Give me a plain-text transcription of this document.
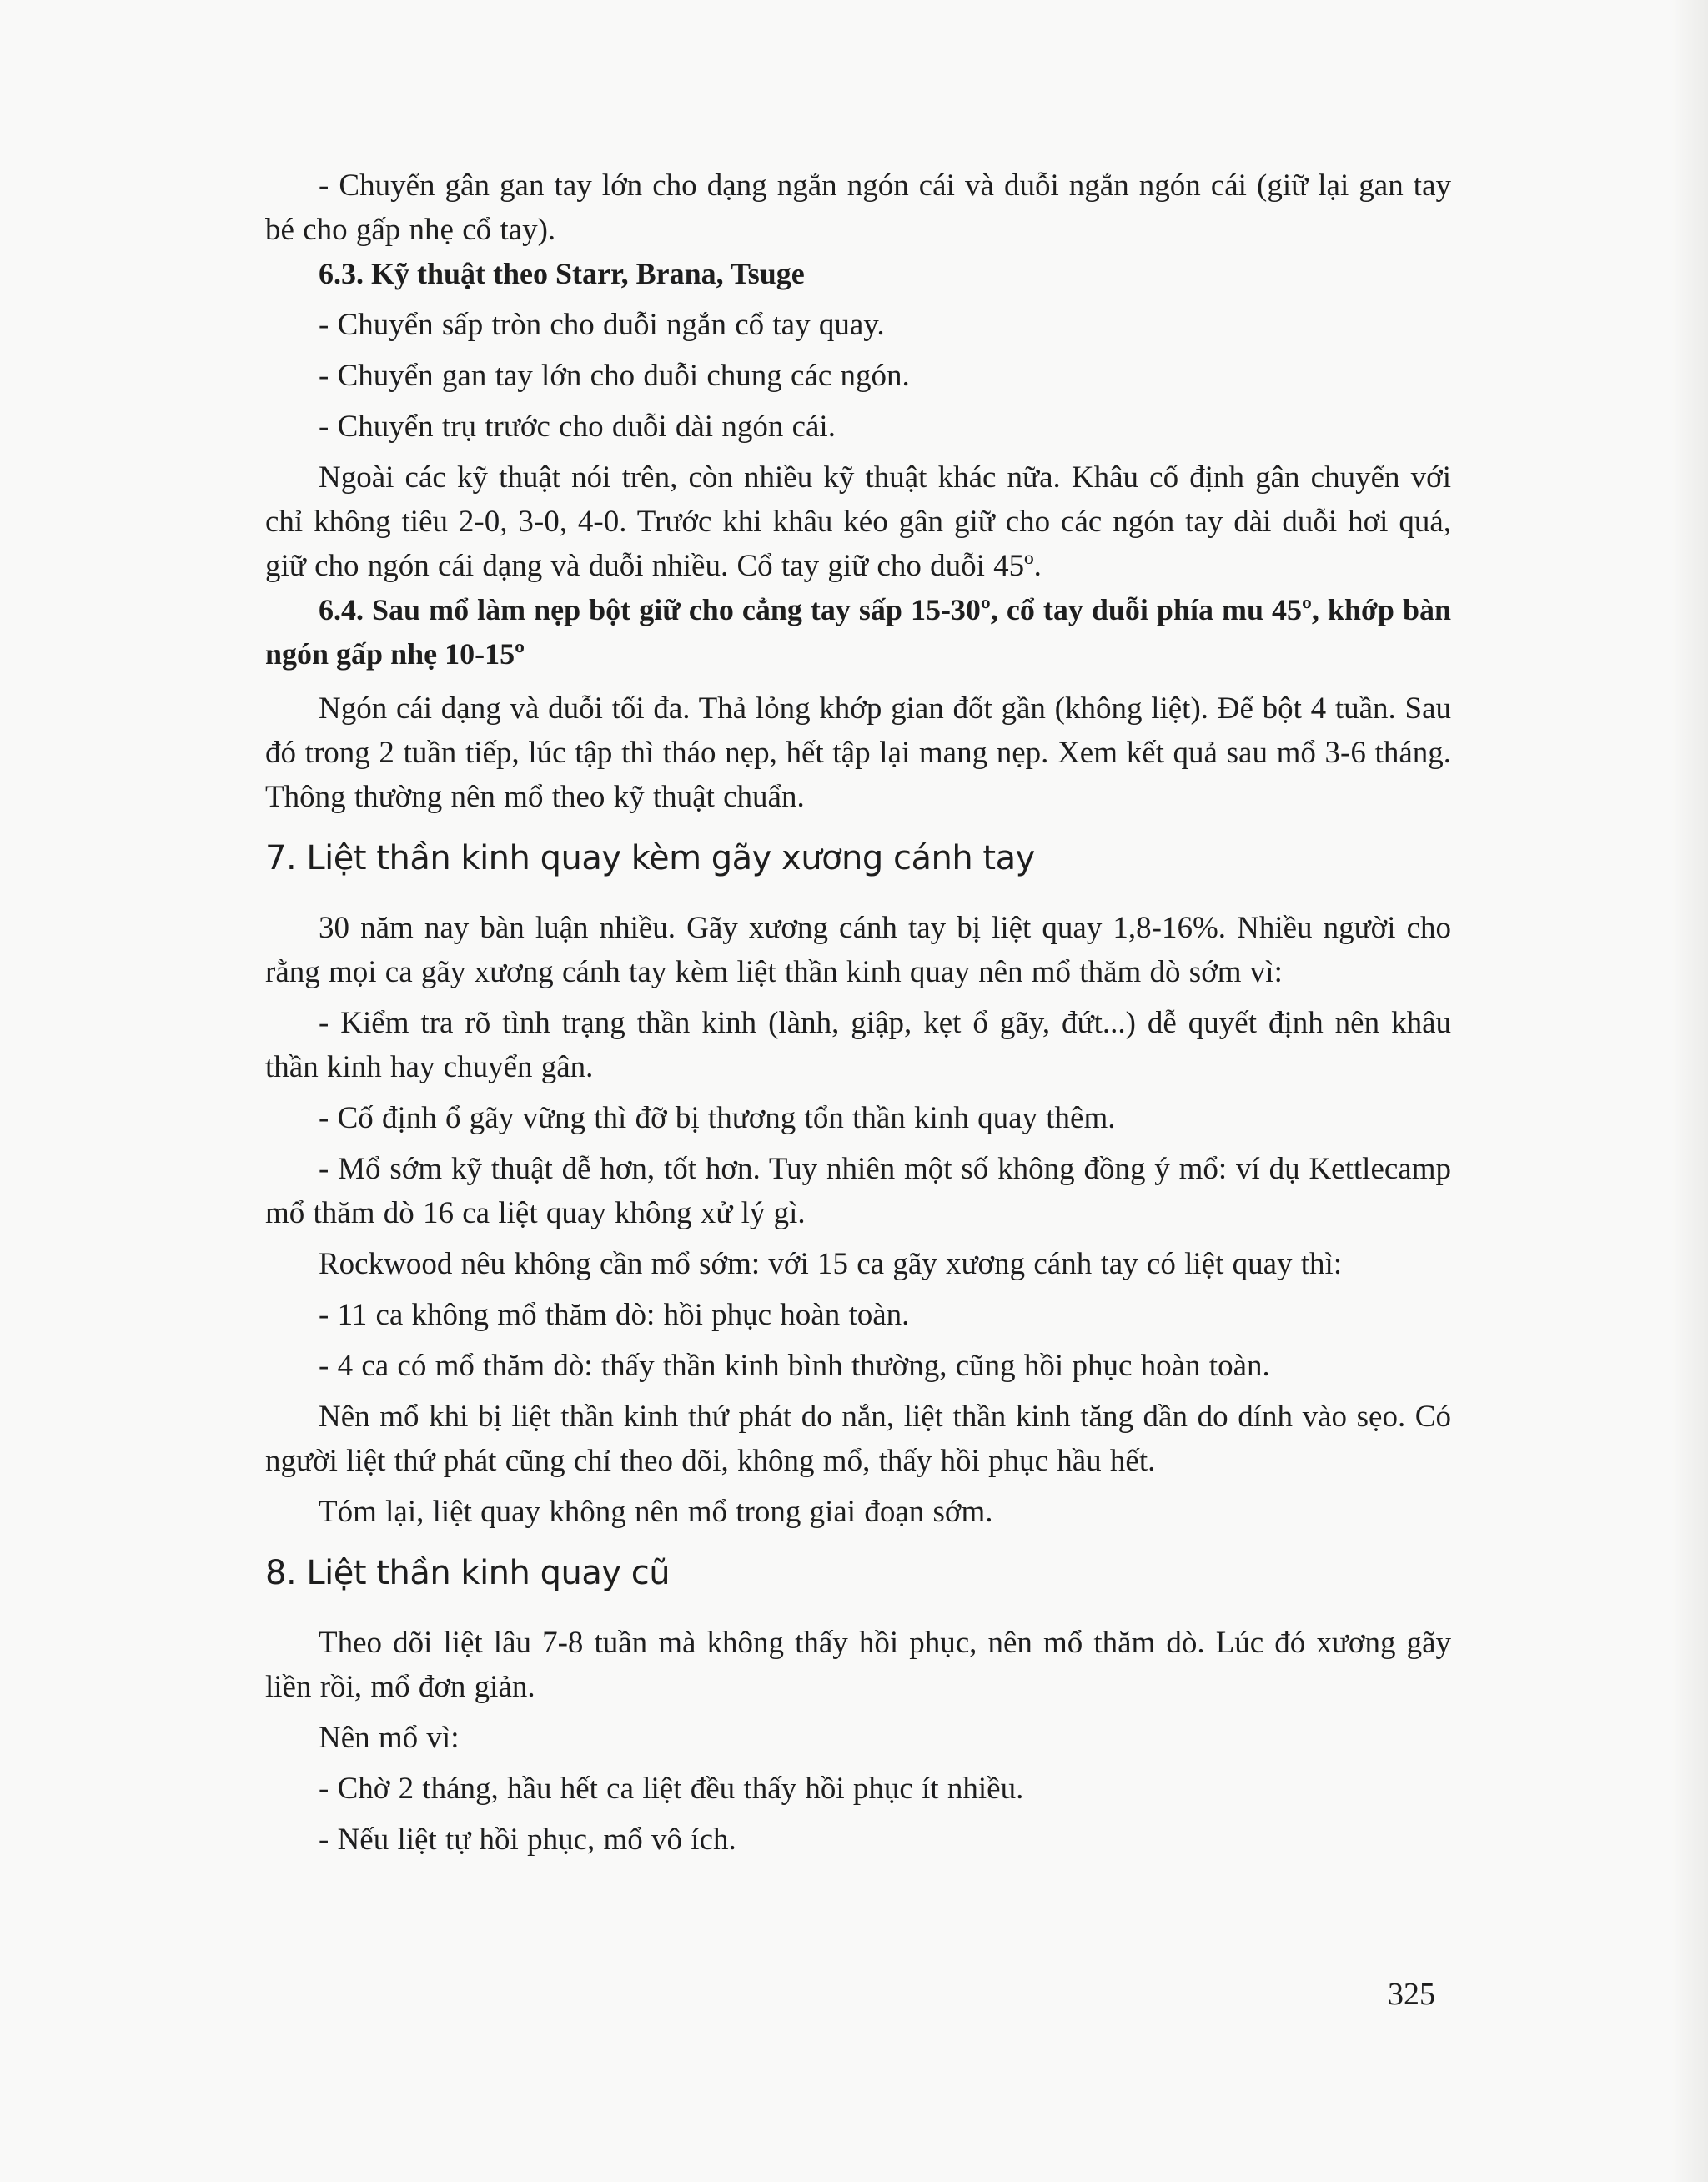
- Chuyển gân gan tay lớn cho dạng ngắn ngón cái và duỗi ngắn ngón cái (giữ lại gan tay bé cho gấp nhẹ cổ tay).

6.3. Kỹ thuật theo Starr, Brana, Tsuge

- Chuyển sấp tròn cho duỗi ngắn cổ tay quay.

- Chuyển gan tay lớn cho duỗi chung các ngón.

- Chuyển trụ trước cho duỗi dài ngón cái.

Ngoài các kỹ thuật nói trên, còn nhiều kỹ thuật khác nữa. Khâu cố định gân chuyển với chỉ không tiêu 2-0, 3-0, 4-0. Trước khi khâu kéo gân giữ cho các ngón tay dài duỗi hơi quá, giữ cho ngón cái dạng và duỗi nhiều. Cổ tay giữ cho duỗi 45º.

6.4. Sau mổ làm nẹp bột giữ cho cẳng tay sấp 15-30º, cổ tay duỗi phía mu 45º, khớp bàn ngón gấp nhẹ 10-15º

Ngón cái dạng và duỗi tối đa. Thả lỏng khớp gian đốt gần (không liệt). Để bột 4 tuần. Sau đó trong 2 tuần tiếp, lúc tập thì tháo nẹp, hết tập lại mang nẹp. Xem kết quả sau mổ 3-6 tháng. Thông thường nên mổ theo kỹ thuật chuẩn.

7. Liệt thần kinh quay kèm gãy xương cánh tay

30 năm nay bàn luận nhiều. Gãy xương cánh tay bị liệt quay 1,8-16%. Nhiều người cho rằng mọi ca gãy xương cánh tay kèm liệt thần kinh quay nên mổ thăm dò sớm vì:

- Kiểm tra rõ tình trạng thần kinh (lành, giập, kẹt ổ gãy, đứt...) dễ quyết định nên khâu thần kinh hay chuyển gân.

- Cố định ổ gãy vững thì đỡ bị thương tổn thần kinh quay thêm.

- Mổ sớm kỹ thuật dễ hơn, tốt hơn. Tuy nhiên một số không đồng ý mổ: ví dụ Kettlecamp mổ thăm dò 16 ca liệt quay không xử lý gì.

Rockwood nêu không cần mổ sớm: với 15 ca gãy xương cánh tay có liệt quay thì:

- 11 ca không mổ thăm dò: hồi phục hoàn toàn.

- 4 ca có mổ thăm dò: thấy thần kinh bình thường, cũng hồi phục hoàn toàn.

Nên mổ khi bị liệt thần kinh thứ phát do nắn, liệt thần kinh tăng dần do dính vào sẹo. Có người liệt thứ phát cũng chỉ theo dõi, không mổ, thấy hồi phục hầu hết.

Tóm lại, liệt quay không nên mổ trong giai đoạn sớm.

8. Liệt thần kinh quay cũ

Theo dõi liệt lâu 7-8 tuần mà không thấy hồi phục, nên mổ thăm dò. Lúc đó xương gãy liền rồi, mổ đơn giản.

Nên mổ vì:

- Chờ 2 tháng, hầu hết ca liệt đều thấy hồi phục ít nhiều.

- Nếu liệt tự hồi phục, mổ vô ích.

325
